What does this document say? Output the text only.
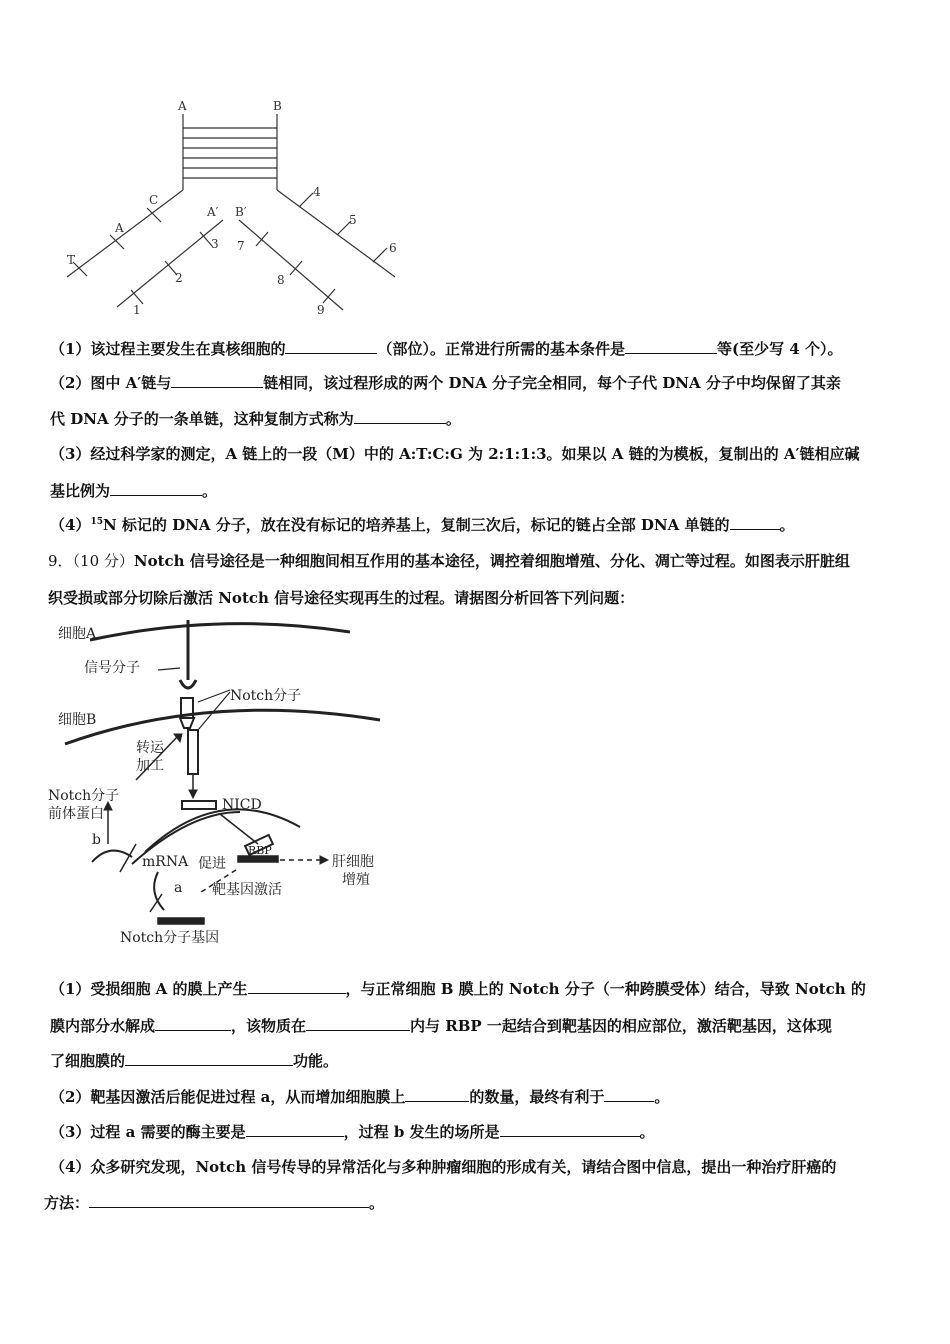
A	B
A′ B′
C
A
T
4
5
6
3
2
1
7
8
9
（1）该过程主要发生在真核细胞的	（部位）。正常进行所需的基本条件是	等(至少写 4 个）。
（2）图中 A′链与	链相同，该过程形成的两个 DNA 分子完全相同，每个子代 DNA 分子中均保留了其亲
代 DNA 分子的一条单链，这种复制方式称为	。
（3）经过科学家的测定，A 链上的一段（M）中的 A:T:C:G 为 2:1:1:3。如果以 A 链的为模板，复制出的 A′链相应碱
基比例为	。
$(4)^{15}N$ 标记的 DNA 分子，放在没有标记的培养基上，复制三次后，标记的链占全部 DNA 单链的	。
9．（10 分）Notch 信号途径是一种细胞间相互作用的基本途径，调控着细胞增殖、分化、凋亡等过程。如图表示肝脏组
织受损或部分切除后激活 Notch 信号途径实现再生的过程。请据图分析回答下列问题：
细胞A
信号分子
Notch分子
细胞B
转运
加工
NICD
Notch分子
前体蛋白
b
mRNA 促进
RBP
肝细胞
增殖
a 靶基因激活
Notch分子基因
（1）受损细胞 A 的膜上产生	，与正常细胞 B 膜上的 Notch 分子（一种跨膜受体）结合，导致 Notch 的
膜内部分水解成	，该物质在	内与 RBP 一起结合到靶基因的相应部位，激活靶基因，这体现
了细胞膜的	功能。
（2）靶基因激活后能促进过程 a，从而增加细胞膜上	的数量，最终有利于	。
（3）过程 a 需要的酶主要是	，过程 b 发生的场所是	。
（4）众多研究发现，Notch 信号传导的异常活化与多种肿瘤细胞的形成有关，请结合图中信息，提出一种治疗肝癌的
方法：	。
